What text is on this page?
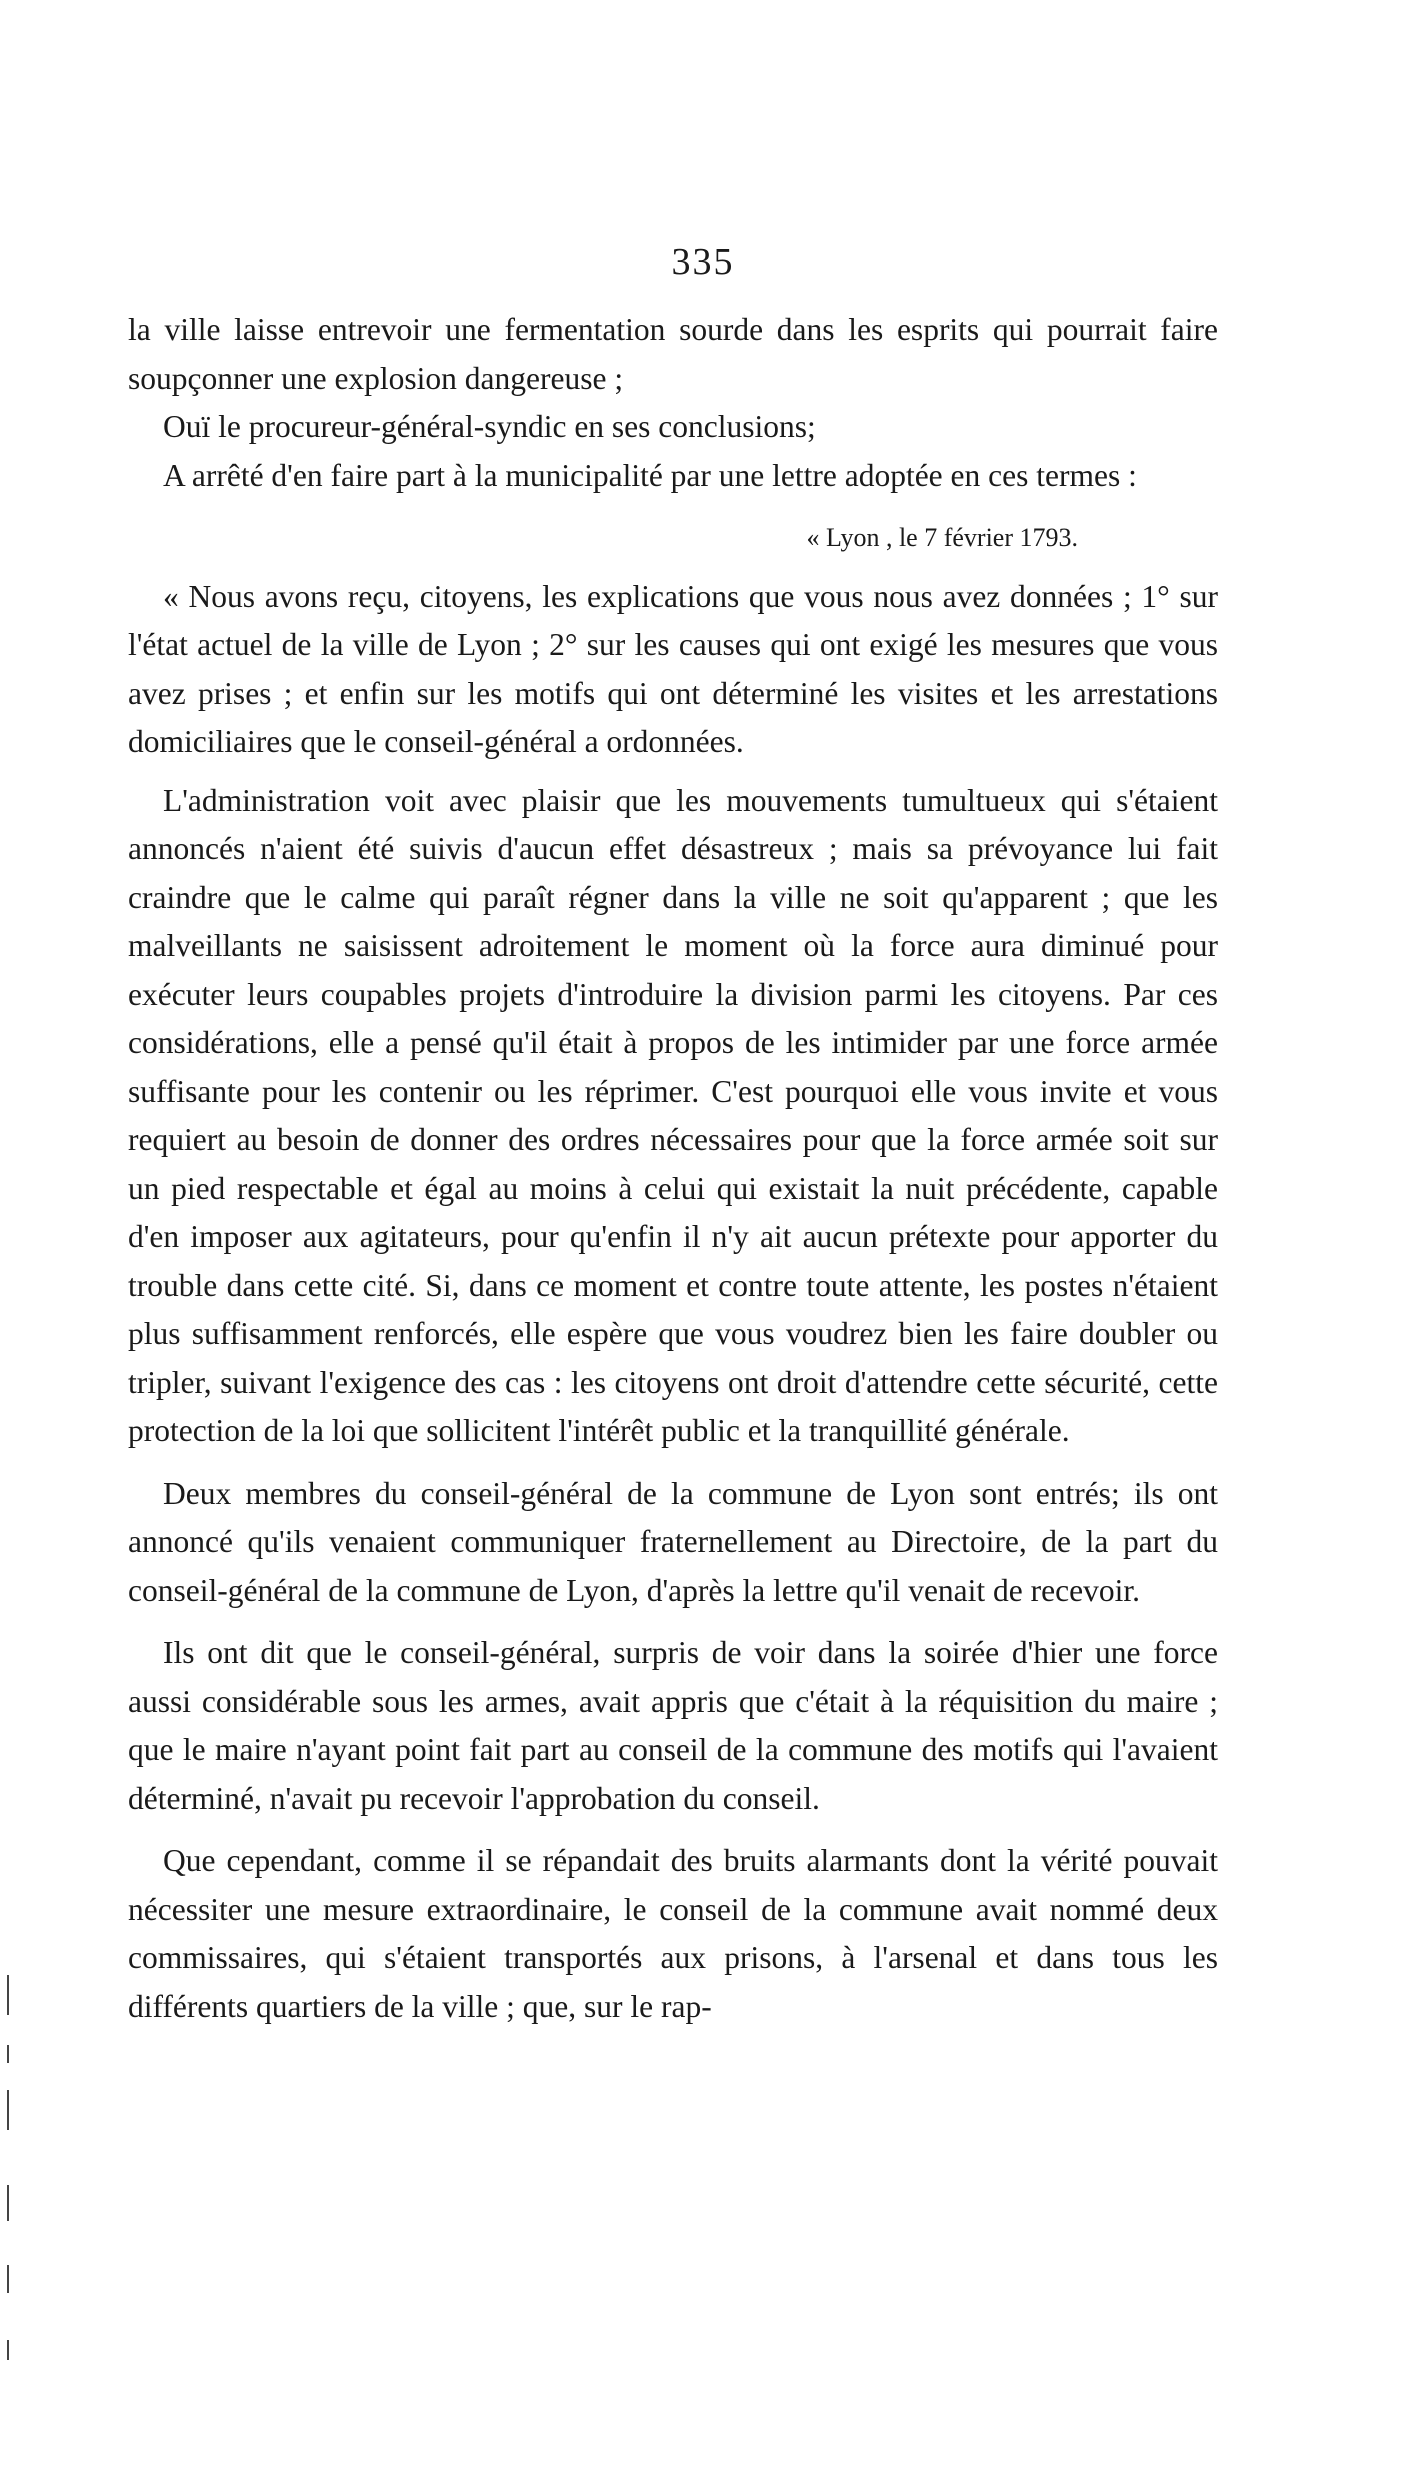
335

la ville laisse entrevoir une fermentation sourde dans les esprits qui pourrait faire soupçonner une explosion dangereuse ;

Ouï le procureur-général-syndic en ses conclusions;

A arrêté d'en faire part à la municipalité par une lettre adoptée en ces termes :

« Lyon , le 7 février 1793.

« Nous avons reçu, citoyens, les explications que vous nous avez données ; 1° sur l'état actuel de la ville de Lyon ; 2° sur les causes qui ont exigé les mesures que vous avez prises ; et enfin sur les motifs qui ont déterminé les visites et les arrestations domiciliaires que le conseil-général a ordonnées.

L'administration voit avec plaisir que les mouvements tumultueux qui s'étaient annoncés n'aient été suivis d'aucun effet désastreux ; mais sa prévoyance lui fait craindre que le calme qui paraît régner dans la ville ne soit qu'apparent ; que les malveillants ne saisissent adroitement le moment où la force aura diminué pour exécuter leurs coupables projets d'introduire la division parmi les citoyens. Par ces considérations, elle a pensé qu'il était à propos de les intimider par une force armée suffisante pour les contenir ou les réprimer. C'est pourquoi elle vous invite et vous requiert au besoin de donner des ordres nécessaires pour que la force armée soit sur un pied respectable et égal au moins à celui qui existait la nuit précédente, capable d'en imposer aux agitateurs, pour qu'enfin il n'y ait aucun prétexte pour apporter du trouble dans cette cité. Si, dans ce moment et contre toute attente, les postes n'étaient plus suffisamment renforcés, elle espère que vous voudrez bien les faire doubler ou tripler, suivant l'exigence des cas : les citoyens ont droit d'attendre cette sécurité, cette protection de la loi que sollicitent l'intérêt public et la tranquillité générale.

Deux membres du conseil-général de la commune de Lyon sont entrés; ils ont annoncé qu'ils venaient communiquer fraternellement au Directoire, de la part du conseil-général de la commune de Lyon, d'après la lettre qu'il venait de recevoir.

Ils ont dit que le conseil-général, surpris de voir dans la soirée d'hier une force aussi considérable sous les armes, avait appris que c'était à la réquisition du maire ; que le maire n'ayant point fait part au conseil de la commune des motifs qui l'avaient déterminé, n'avait pu recevoir l'approbation du conseil.

Que cependant, comme il se répandait des bruits alarmants dont la vérité pouvait nécessiter une mesure extraordinaire, le conseil de la commune avait nommé deux commissaires, qui s'étaient transportés aux prisons, à l'arsenal et dans tous les différents quartiers de la ville ; que, sur le rap-
